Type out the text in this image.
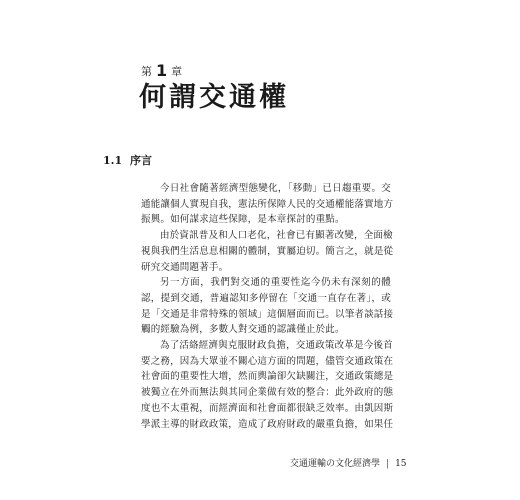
第 1 章
何謂交通權
1.1 序言
今日社會隨著經濟型態變化，「移動」已日趨重要。交
通能讓個人實現自我，憲法所保障人民的交通權能落實地方
振興。如何謀求這些保障，是本章探討的重點。
由於資訊普及和人口老化，社會已有顯著改變，全面檢
視與我們生活息息相關的體制，實屬迫切。簡言之，就是從
研究交通問題著手。
另一方面，我們對交通的重要性迄今仍未有深刻的體
認，提到交通，普遍認知多停留在「交通一直存在著」，或
是「交通是非常特殊的領域」這個層面而已。以筆者談話接
觸的經驗為例，多數人對交通的認識僅止於此。
為了活絡經濟與克服財政負擔，交通政策改革是今後首
要之務，因為大眾並不關心這方面的問題，儘管交通政策在
社會面的重要性大增，然而輿論卻欠缺關注，交通政策總是
被獨立在外而無法與其同企業做有效的整合：此外政府的態
度也不太重視，而經濟面和社會面都很缺乏效率。由凱因斯
學派主導的財政政策，造成了政府財政的嚴重負擔，如果任
交通運輸の文化經濟學 | 15
